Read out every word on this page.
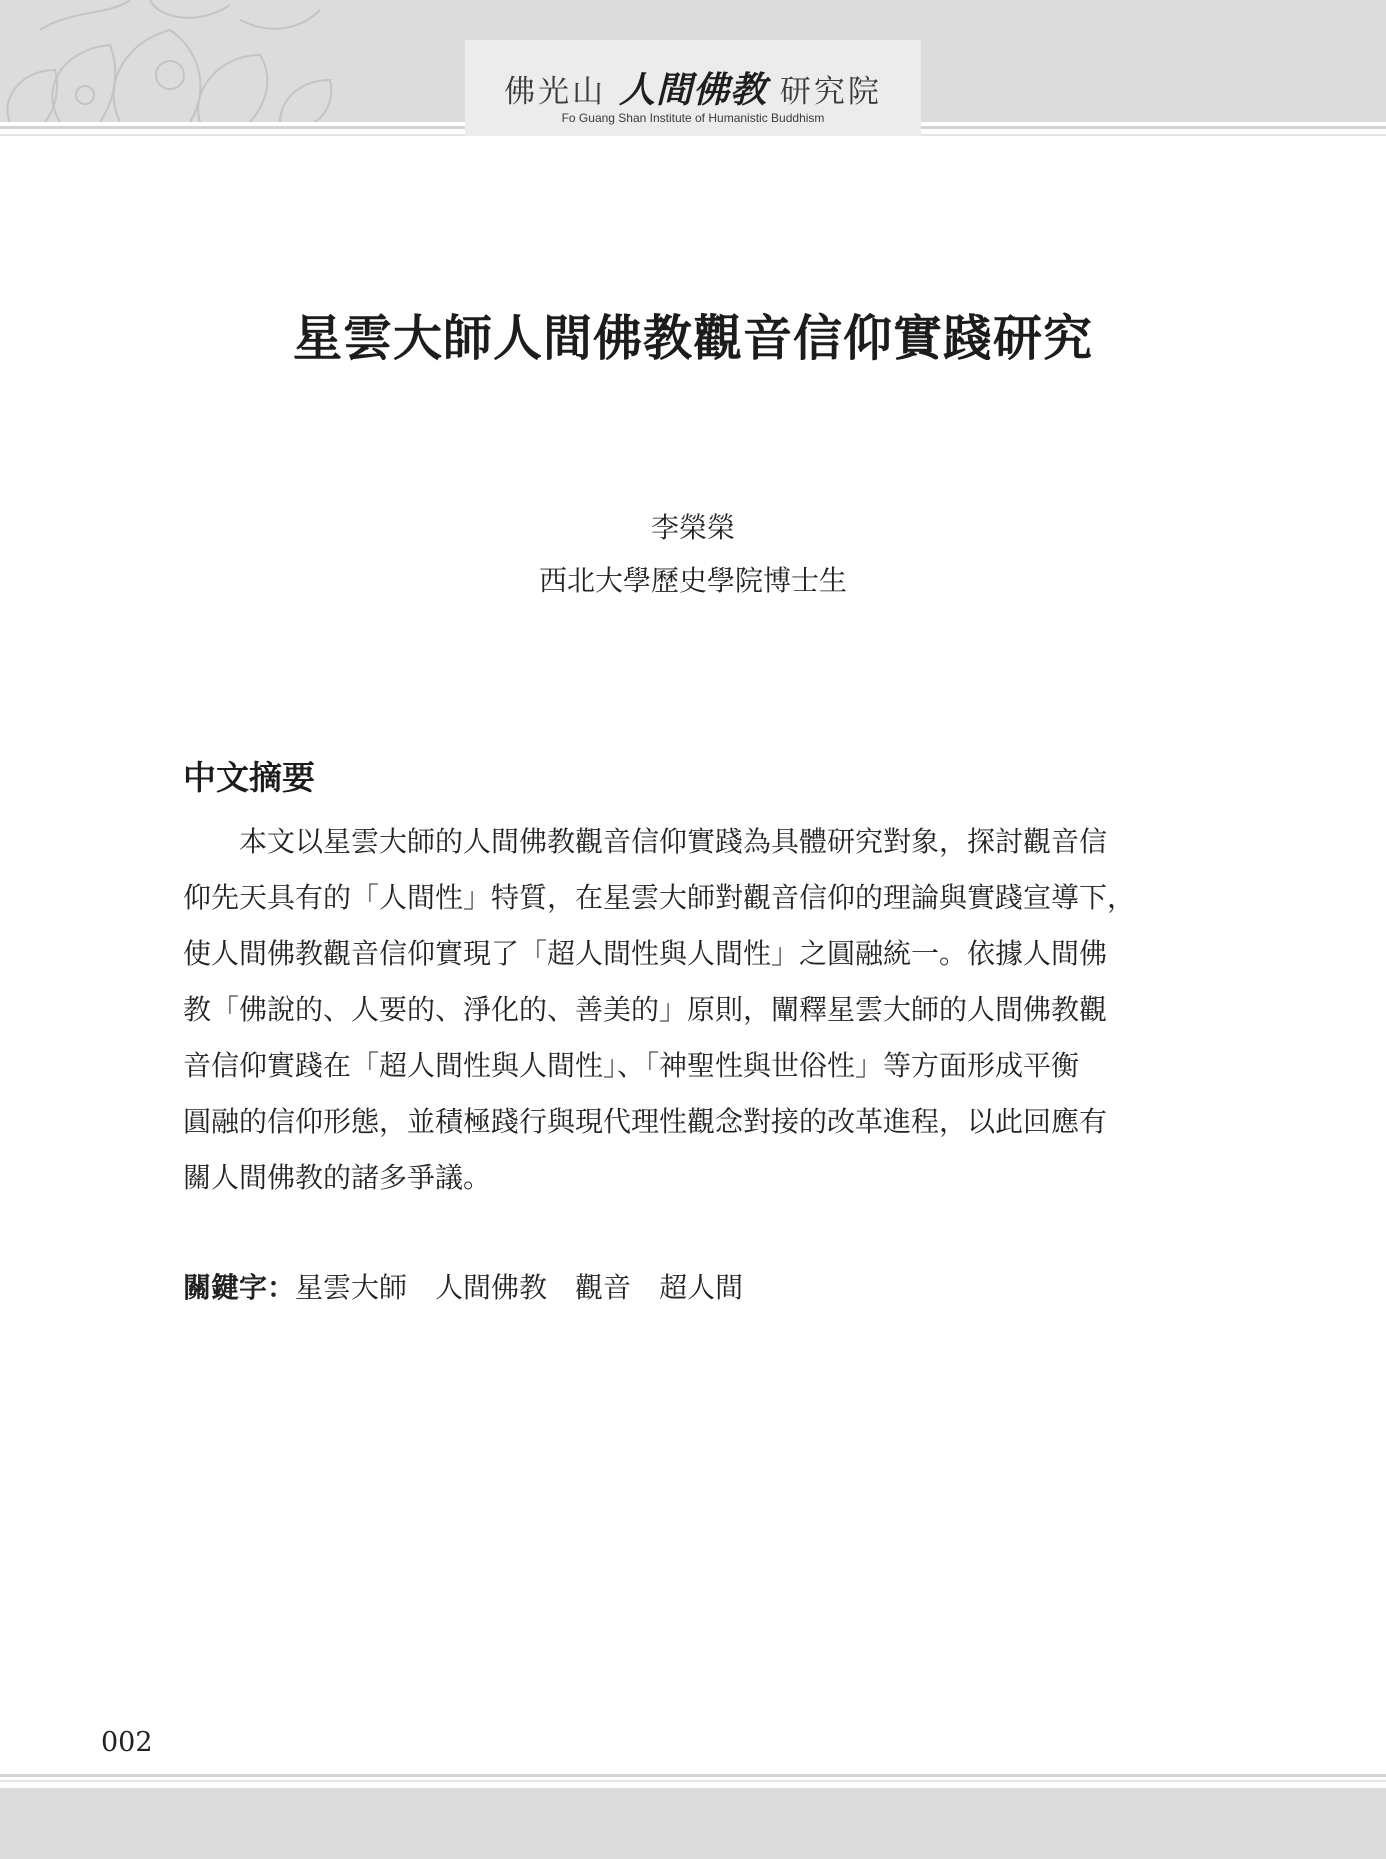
佛光山 人間佛教 研究院
Fo Guang Shan Institute of Humanistic Buddhism
星雲大師人間佛教觀音信仰實踐研究
李榮榮
西北大學歷史學院博士生
中文摘要
本文以星雲大師的人間佛教觀音信仰實踐為具體研究對象，探討觀音信
仰先天具有的「人間性」特質，在星雲大師對觀音信仰的理論與實踐宣導下，
使人間佛教觀音信仰實現了「超人間性與人間性」之圓融統一。依據人間佛
教「佛說的、人要的、淨化的、善美的」原則，闡釋星雲大師的人間佛教觀
音信仰實踐在「超人間性與人間性」、「神聖性與世俗性」等方面形成平衡
圓融的信仰形態，並積極踐行與現代理性觀念對接的改革進程，以此回應有
關人間佛教的諸多爭議。
關鍵字：星雲大師 人間佛教 觀音 超人間
002
